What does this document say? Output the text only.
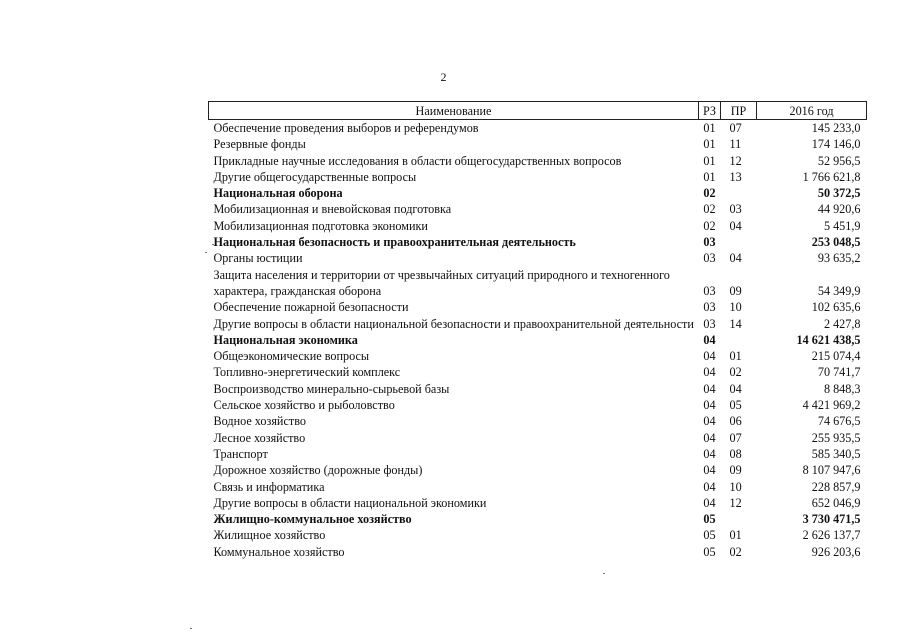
2
Наименование	РЗ	ПР	2016 год
Обеспечение проведения выборов и референдумов	01	07	145 233,0
Резервные фонды	01	11	174 146,0
Прикладные научные исследования в области общегосударственных вопросов	01	12	52 956,5
Другие общегосударственные вопросы	01	13	1 766 621,8
Национальная оборона	02		50 372,5
Мобилизационная и вневойсковая подготовка	02	03	44 920,6
Мобилизационная подготовка экономики	02	04	5 451,9
Национальная безопасность и правоохранительная деятельность	03		253 048,5
Органы юстиции	03	04	93 635,2
Защита населения и территории от чрезвычайных ситуаций природного и техногенного характера, гражданская оборона	03	09	54 349,9
Обеспечение пожарной безопасности	03	10	102 635,6
Другие вопросы в области национальной безопасности и правоохранительной деятельности	03	14	2 427,8
Национальная экономика	04		14 621 438,5
Общеэкономические вопросы	04	01	215 074,4
Топливно-энергетический комплекс	04	02	70 741,7
Воспроизводство минерально-сырьевой базы	04	04	8 848,3
Сельское хозяйство и рыболовство	04	05	4 421 969,2
Водное хозяйство	04	06	74 676,5
Лесное хозяйство	04	07	255 935,5
Транспорт	04	08	585 340,5
Дорожное хозяйство (дорожные фонды)	04	09	8 107 947,6
Связь и информатика	04	10	228 857,9
Другие вопросы в области национальной экономики	04	12	652 046,9
Жилищно-коммунальное хозяйство	05		3 730 471,5
Жилищное хозяйство	05	01	2 626 137,7
Коммунальное хозяйство	05	02	926 203,6
